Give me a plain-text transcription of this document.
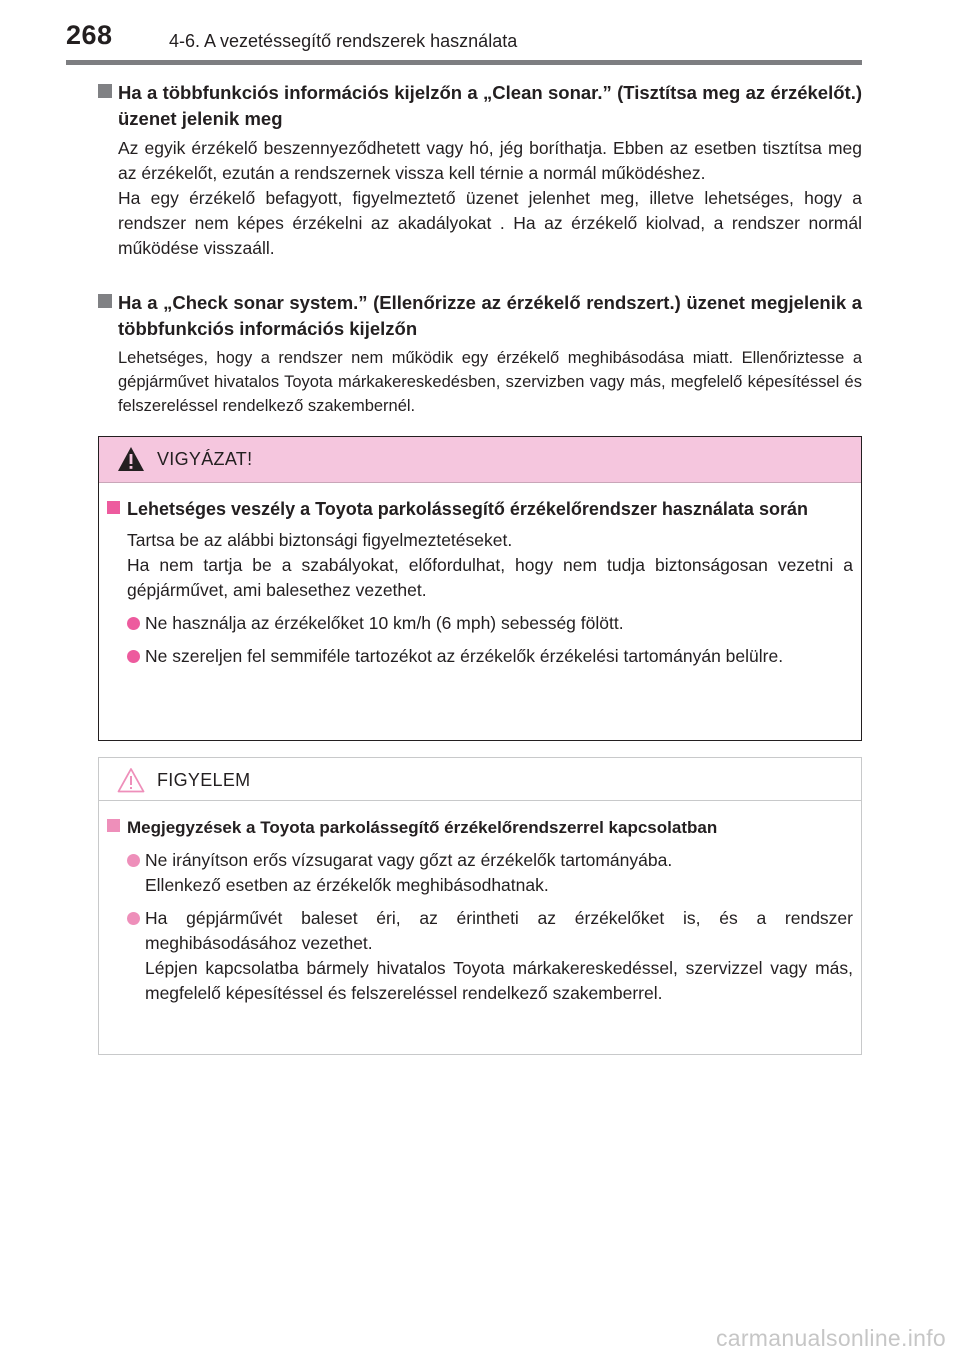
268	4-6. A vezetéssegítő rendszerek használata
Ha a többfunkciós információs kijelzőn a „Clean sonar.” (Tisztítsa meg az érzékelőt.) üzenet jelenik meg

Az egyik érzékelő beszennyeződhetett vagy hó, jég boríthatja. Ebben az esetben tisztítsa meg az érzékelőt, ezután a rendszernek vissza kell térnie a normál működéshez.

Ha egy érzékelő befagyott, figyelmeztető üzenet jelenhet meg, illetve lehetséges, hogy a rendszer nem képes érzékelni az akadályokat . Ha az érzékelő kiolvad, a rendszer normál működése visszaáll.

Ha a „Check sonar system.” (Ellenőrizze az érzékelő rendszert.) üzenet megjelenik a többfunkciós információs kijelzőn

Lehetséges, hogy a rendszer nem működik egy érzékelő meghibásodása miatt. Ellenőriztesse a gépjárművet hivatalos Toyota márkakereskedésben, szervizben vagy más, megfelelő képesítéssel és felszereléssel rendelkező szakembernél.

VIGYÁZAT!
Lehetséges veszély a Toyota parkolássegítő érzékelőrendszer használata során

Tartsa be az alábbi biztonsági figyelmeztetéseket.

Ha nem tartja be a szabályokat, előfordulhat, hogy nem tudja biztonságosan vezetni a gépjárművet, ami balesethez vezethet.

Ne használja az érzékelőket 10 km/h (6 mph) sebesség fölött.
Ne szereljen fel semmiféle tartozékot az érzékelők érzékelési tartományán belülre.
FIGYELEM
Megjegyzések a Toyota parkolássegítő érzékelőrendszerrel kapcsolatban
Ne irányítson erős vízsugarat vagy gőzt az érzékelők tartományába.
Ellenkező esetben az érzékelők meghibásodhatnak.
Ha gépjárművét baleset éri, az érintheti az érzékelőket is, és a rendszer meghibásodásához vezethet.
Lépjen kapcsolatba bármely hivatalos Toyota márkakereskedéssel, szervizzel vagy más, megfelelő képesítéssel és felszereléssel rendelkező szakemberrel.
carmanualsonline.info
